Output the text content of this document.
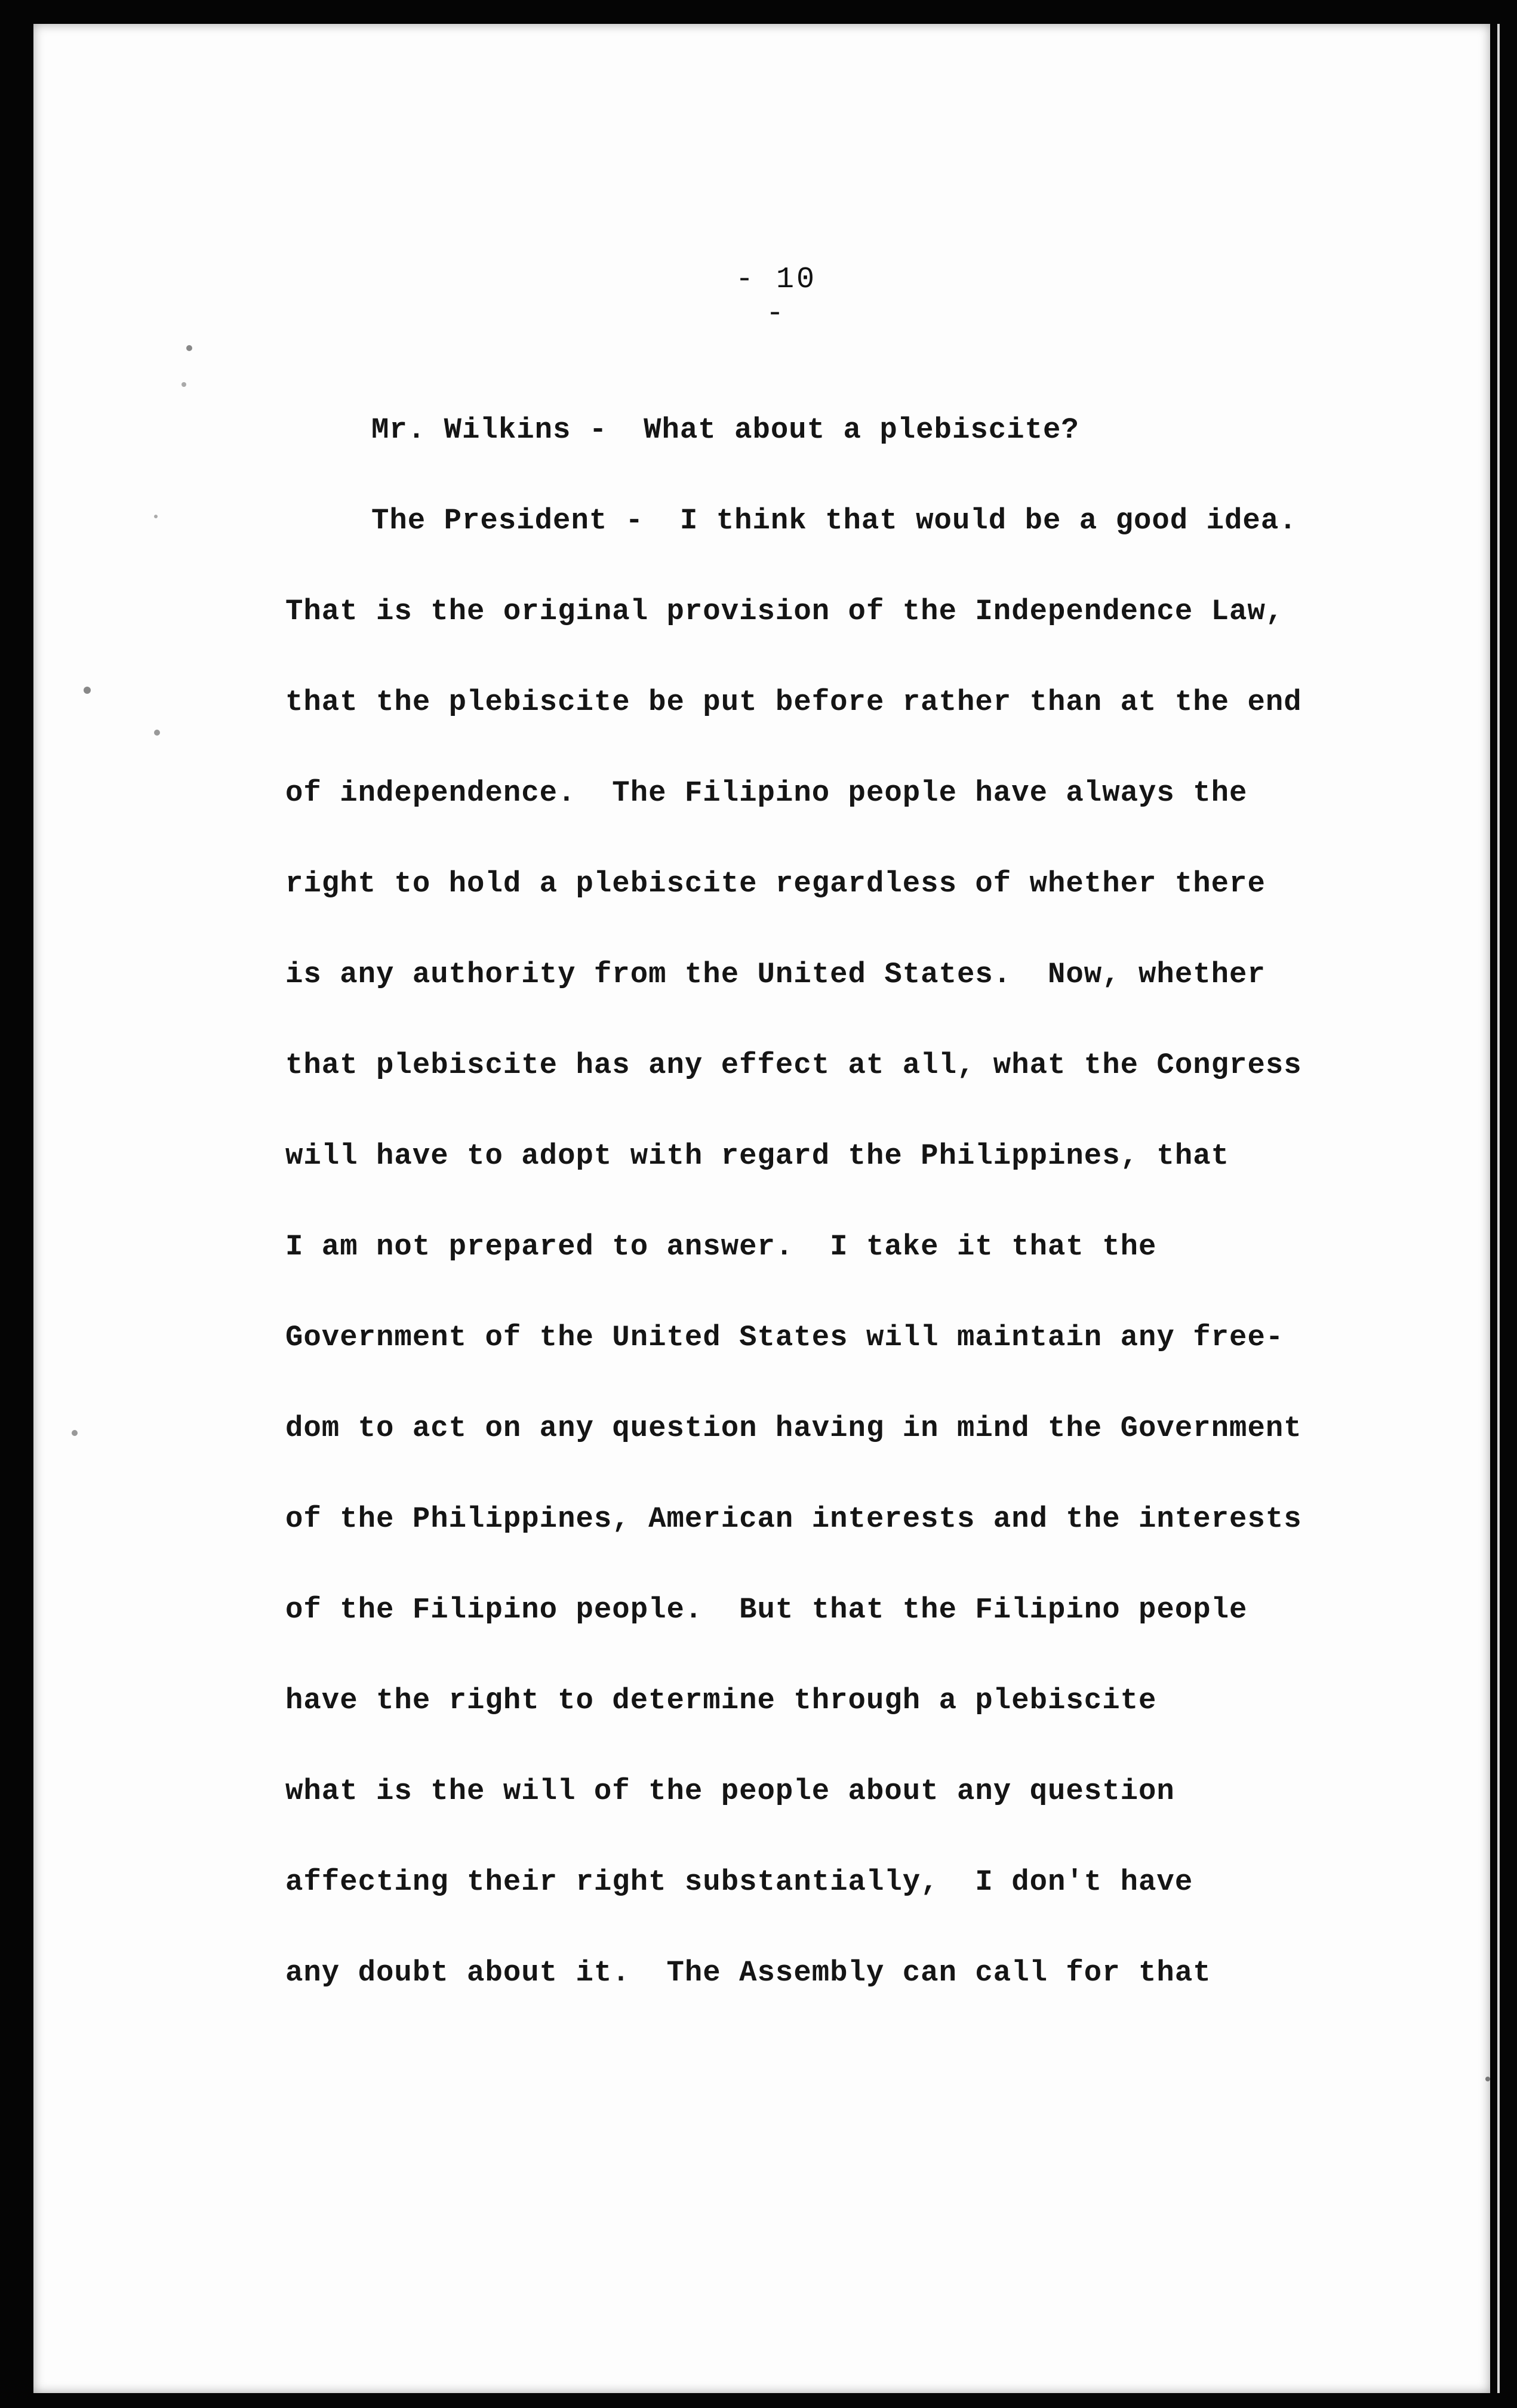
- 10 -
Mr. Wilkins -  What about a plebiscite?
The President -  I think that would be a good idea.
That is the original provision of the Independence Law,
that the plebiscite be put before rather than at the end
of independence.  The Filipino people have always the
right to hold a plebiscite regardless of whether there
is any authority from the United States.  Now, whether
that plebiscite has any effect at all, what the Congress
will have to adopt with regard the Philippines, that
I am not prepared to answer.  I take it that the
Government of the United States will maintain any free-
dom to act on any question having in mind the Government
of the Philippines, American interests and the interests
of the Filipino people.  But that the Filipino people
have the right to determine through a plebiscite
what is the will of the people about any question
affecting their right substantially,  I don't have
any doubt about it.  The Assembly can call for that
